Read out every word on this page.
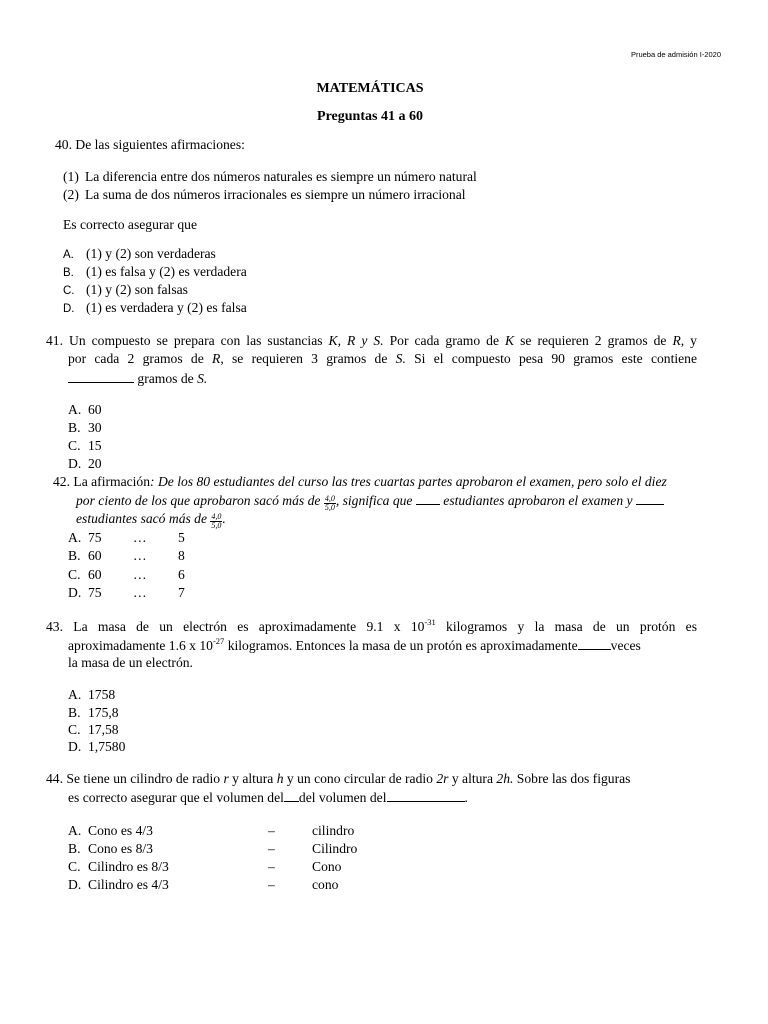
Prueba de admisión I-2020
MATEMÁTICAS
Preguntas 41 a 60
40. De las siguientes afirmaciones:
(1) La diferencia entre dos números naturales es siempre un número natural
(2) La suma de dos números irracionales es siempre un número irracional
Es correcto asegurar que
A. (1) y (2) son verdaderas
B. (1) es falsa y (2) es verdadera
C. (1) y (2) son falsas
D. (1) es verdadera y (2) es falsa
41. Un compuesto se prepara con las sustancias K, R y S. Por cada gramo de K se requieren 2 gramos de R, y
por cada 2 gramos de R, se requieren 3 gramos de S. Si el compuesto pesa 90 gramos este contiene
gramos de S.
A. 60
B. 30
C. 15
D. 20
42. La afirmación: De los 80 estudiantes del curso las tres cuartas partes aprobaron el examen, pero solo el diez
por ciento de los que aprobaron sacó más de $\frac{4,0}{5,0}$ , significa que estudiantes aprobaron el examen y
estudiantes sacó más de $\frac{4,0}{5,0}$ .
A. 75 … 5
B. 60 … 8
C. 60 … 6
D. 75 … 7
43. La masa de un electrón es aproximadamente 9.1 x $10^{-31}$ kilogramos y la masa de un protón es
aproximadamente 1.6 x $10^{-27}$ kilogramos. Entonces la masa de un protón es aproximadamente veces
la masa de un electrón.
A. 1758
B. 175,8
C. 17,58
D. 1,7580
44. Se tiene un cilindro de radio r y altura h y un cono circular de radio 2r y altura 2h. Sobre las dos figuras
es correcto asegurar que el volumen del del volumen del	.
A. Cono es 4/3	–	cilindro
B. Cono es 8/3	–	Cilindro
C. Cilindro es 8/3	–	Cono
D. Cilindro es 4/3	–	cono
